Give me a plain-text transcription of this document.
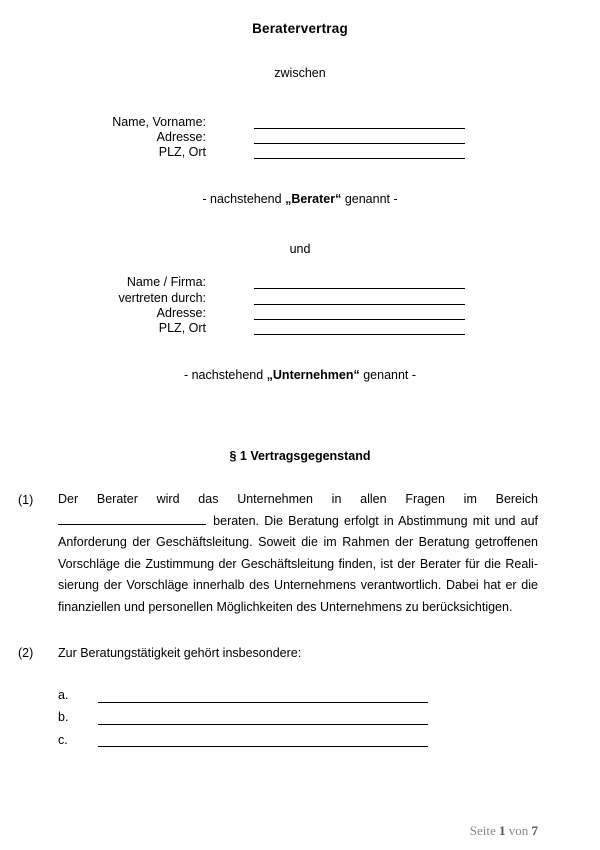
Beratervertrag
zwischen
Name, Vorname:
Adresse:
PLZ, Ort
- nachstehend „Berater“ genannt -
und
Name / Firma:
vertreten durch:
Adresse:
PLZ, Ort
- nachstehend „Unternehmen“ genannt -
§ 1 Vertragsgegenstand
(1) Der Berater wird das Unternehmen in allen Fragen im Bereich
beraten. Die Beratung erfolgt in Abstimmung mit und auf Anforderung der Geschäftsleitung. Soweit die im Rahmen der Beratung getroffenen Vorschläge die Zustimmung der Geschäftsleitung finden, ist der Berater für die Reali-sierung der Vorschläge innerhalb des Unternehmens verantwortlich. Dabei hat er die finanziellen und personellen Möglichkeiten des Unternehmens zu berücksichtigen.
(2) Zur Beratungstätigkeit gehört insbesondere:
a.
b.
c.
Seite 1 von 7
